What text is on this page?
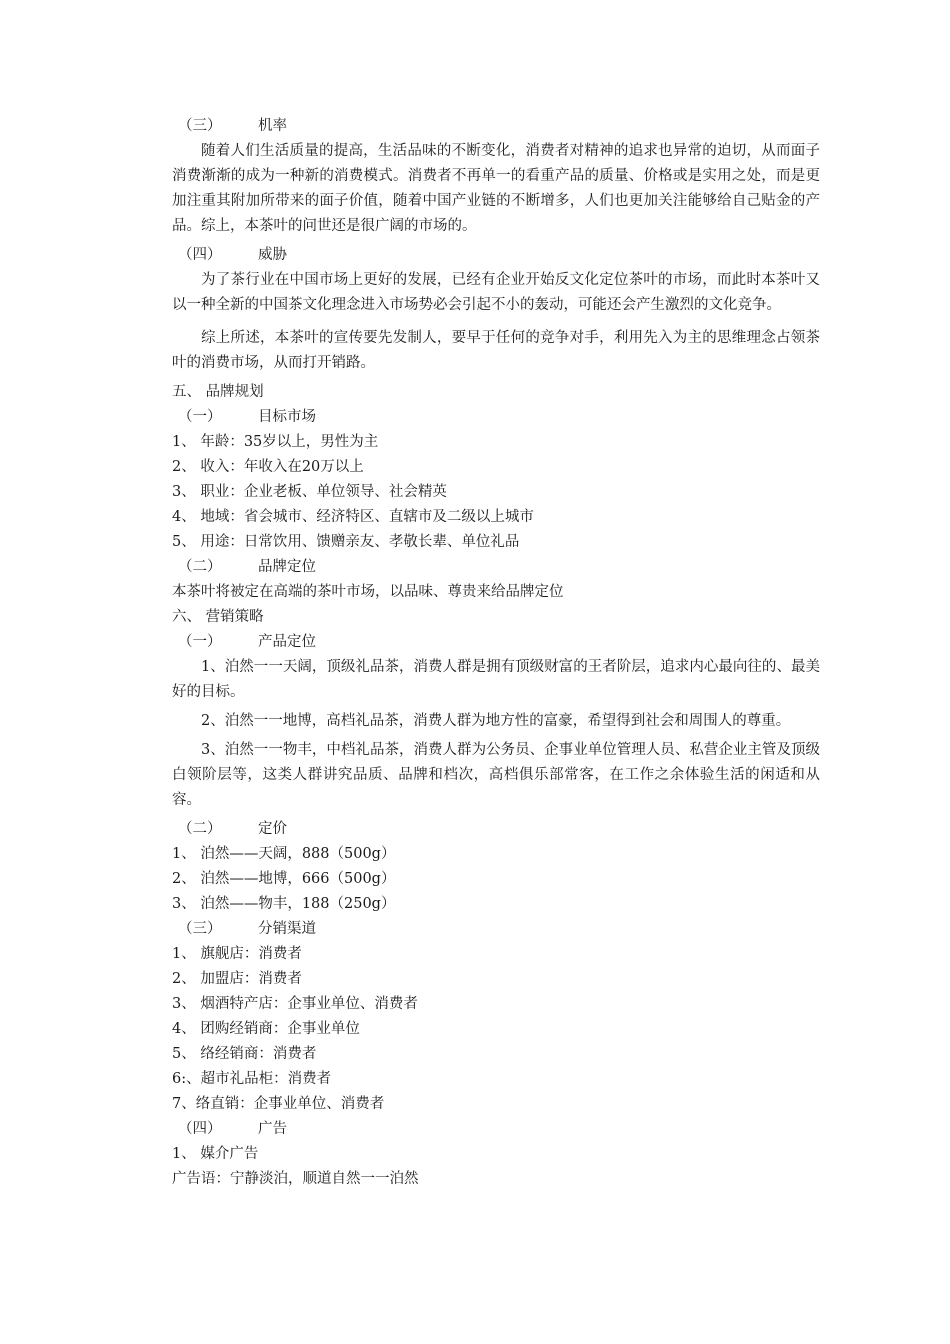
（三）	机率

随着人们生活质量的提高，生活品味的不断变化，消费者对精神的追求也异常的迫切，从而面子消费渐渐的成为一种新的消费模式。消费者不再单一的看重产品的质量、价格或是实用之处，而是更加注重其附加所带来的面子价值，随着中国产业链的不断增多，人们也更加关注能够给自己贴金的产品。综上，本茶叶的问世还是很广阔的市场的。

（四）	威胁

为了茶行业在中国市场上更好的发展，已经有企业开始反文化定位茶叶的市场，而此时本茶叶又以一种全新的中国茶文化理念进入市场势必会引起不小的轰动，可能还会产生激烈的文化竞争。

综上所述，本茶叶的宣传要先发制人，要早于任何的竞争对手，利用先入为主的思维理念占领茶叶的消费市场，从而打开销路。

五、 品牌规划
（一）	目标市场
1、 年龄：35岁以上，男性为主
2、 收入：年收入在20万以上
3、 职业：企业老板、单位领导、社会精英
4、 地域：省会城市、经济特区、直辖市及二级以上城市
5、 用途：日常饮用、馈赠亲友、孝敬长辈、单位礼品
（二）	品牌定位
本茶叶将被定在高端的茶叶市场，以品味、尊贵来给品牌定位
六、 营销策略
（一）	产品定位

1、泊然一一天阔，顶级礼品茶，消费人群是拥有顶级财富的王者阶层，追求内心最向往的、最美好的目标。

2、泊然一一地博，高档礼品茶，消费人群为地方性的富豪，希望得到社会和周围人的尊重。

3、泊然一一物丰，中档礼品茶，消费人群为公务员、企事业单位管理人员、私营企业主管及顶级白领阶层等，这类人群讲究品质、品牌和档次，高档俱乐部常客，在工作之余体验生活的闲适和从容。

（二）	定价
1、 泊然——天阔，888（500g）
2、 泊然——地博，666（500g）
3、 泊然——物丰，188（250g）
（三）	分销渠道
1、 旗舰店：消费者
2、 加盟店：消费者
3、 烟酒特产店：企事业单位、消费者
4、 团购经销商：企事业单位
5、 络经销商：消费者
6:、超市礼品柜：消费者
7、络直销：企事业单位、消费者
（四）	广告
1、 媒介广告
广告语：宁静淡泊，顺道自然一一泊然
